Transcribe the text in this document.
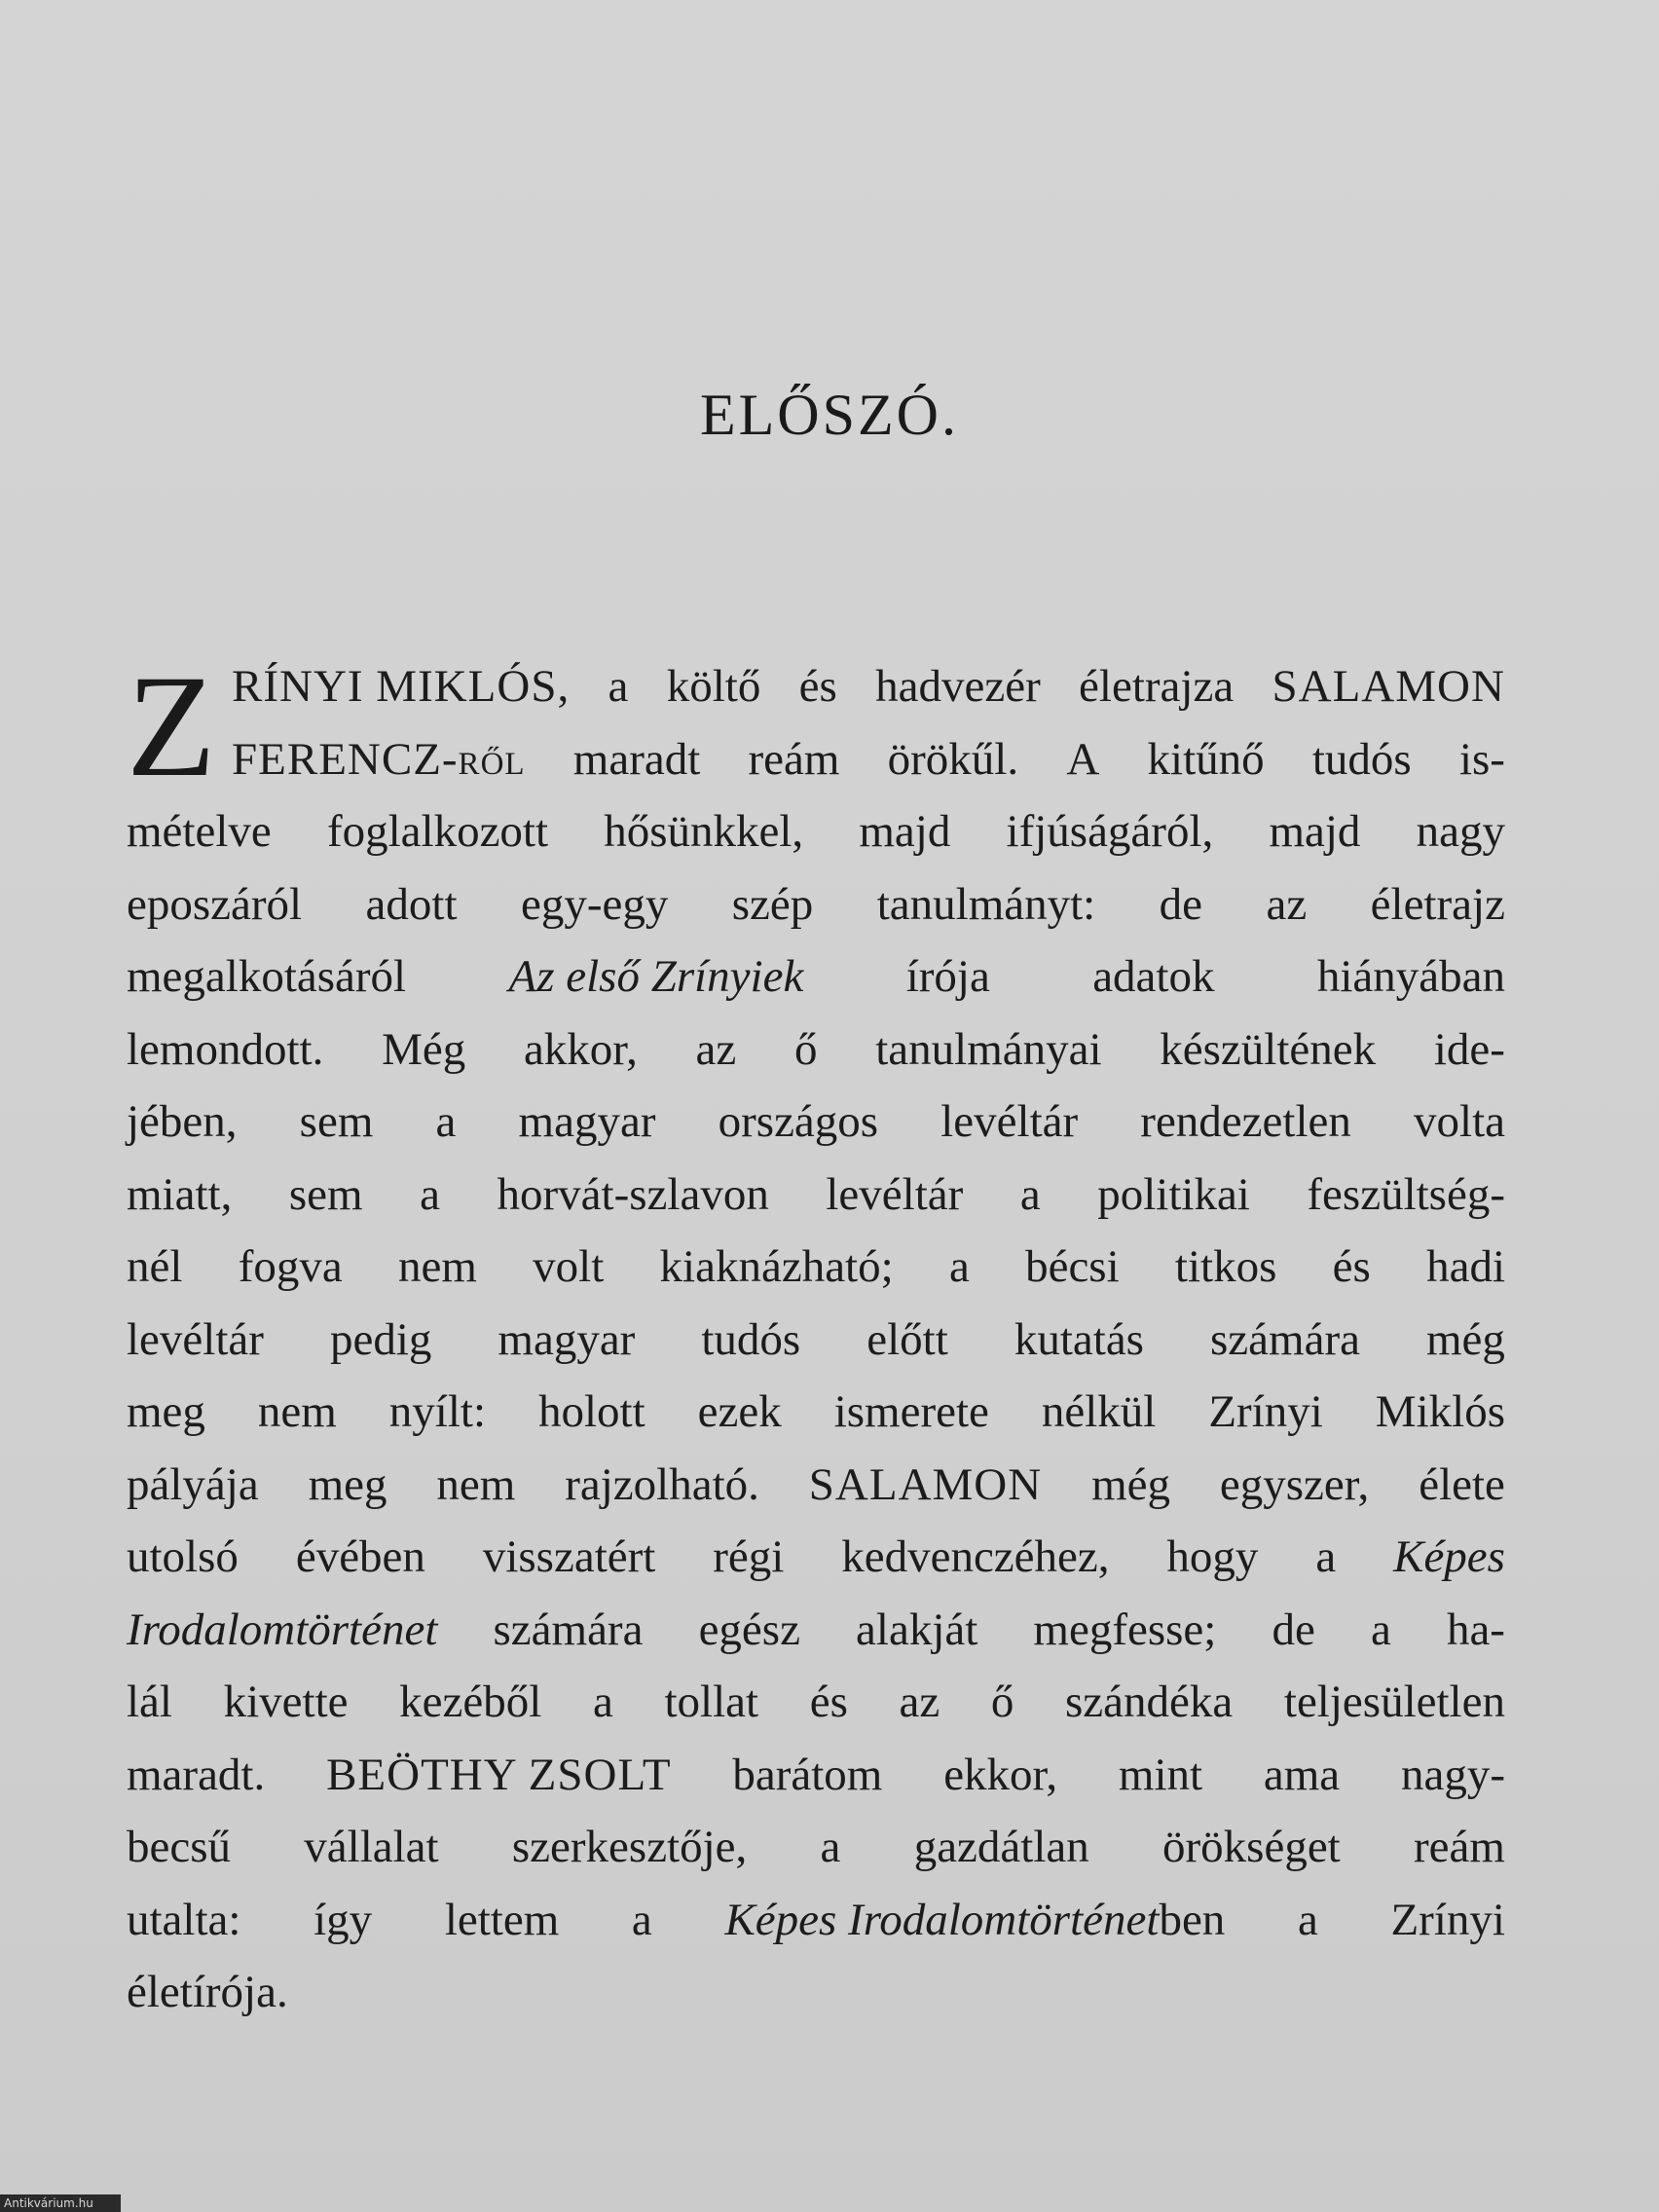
ELŐSZÓ.
Z RÍNYI MIKLÓS, a költő és hadvezér életrajza SALAMON
FERENCZ-ről maradt reám örökűl. A kitűnő tudós is-
mételve foglalkozott hősünkkel, majd ifjúságáról, majd nagy
eposzáról adott egy-egy szép tanulmányt: de az életrajz
megalkotásáról Az első Zrínyiek írója adatok hiányában
lemondott. Még akkor, az ő tanulmányai készültének ide-
jében, sem a magyar országos levéltár rendezetlen volta
miatt, sem a horvát-szlavon levéltár a politikai feszültség-
nél fogva nem volt kiaknázható; a bécsi titkos és hadi
levéltár pedig magyar tudós előtt kutatás számára még
meg nem nyílt: holott ezek ismerete nélkül Zrínyi Miklós
pályája meg nem rajzolható. SALAMON még egyszer, élete
utolsó évében visszatért régi kedvenczéhez, hogy a Képes
Irodalomtörténet számára egész alakját megfesse; de a ha-
lál kivette kezéből a tollat és az ő szándéka teljesületlen
maradt. BEÖTHY ZSOLT barátom ekkor, mint ama nagy-
becsű vállalat szerkesztője, a gazdátlan örökséget reám
utalta: így lettem a Képes Irodalomtörténetben a Zrínyi
életírója.
Antikvárium.hu
